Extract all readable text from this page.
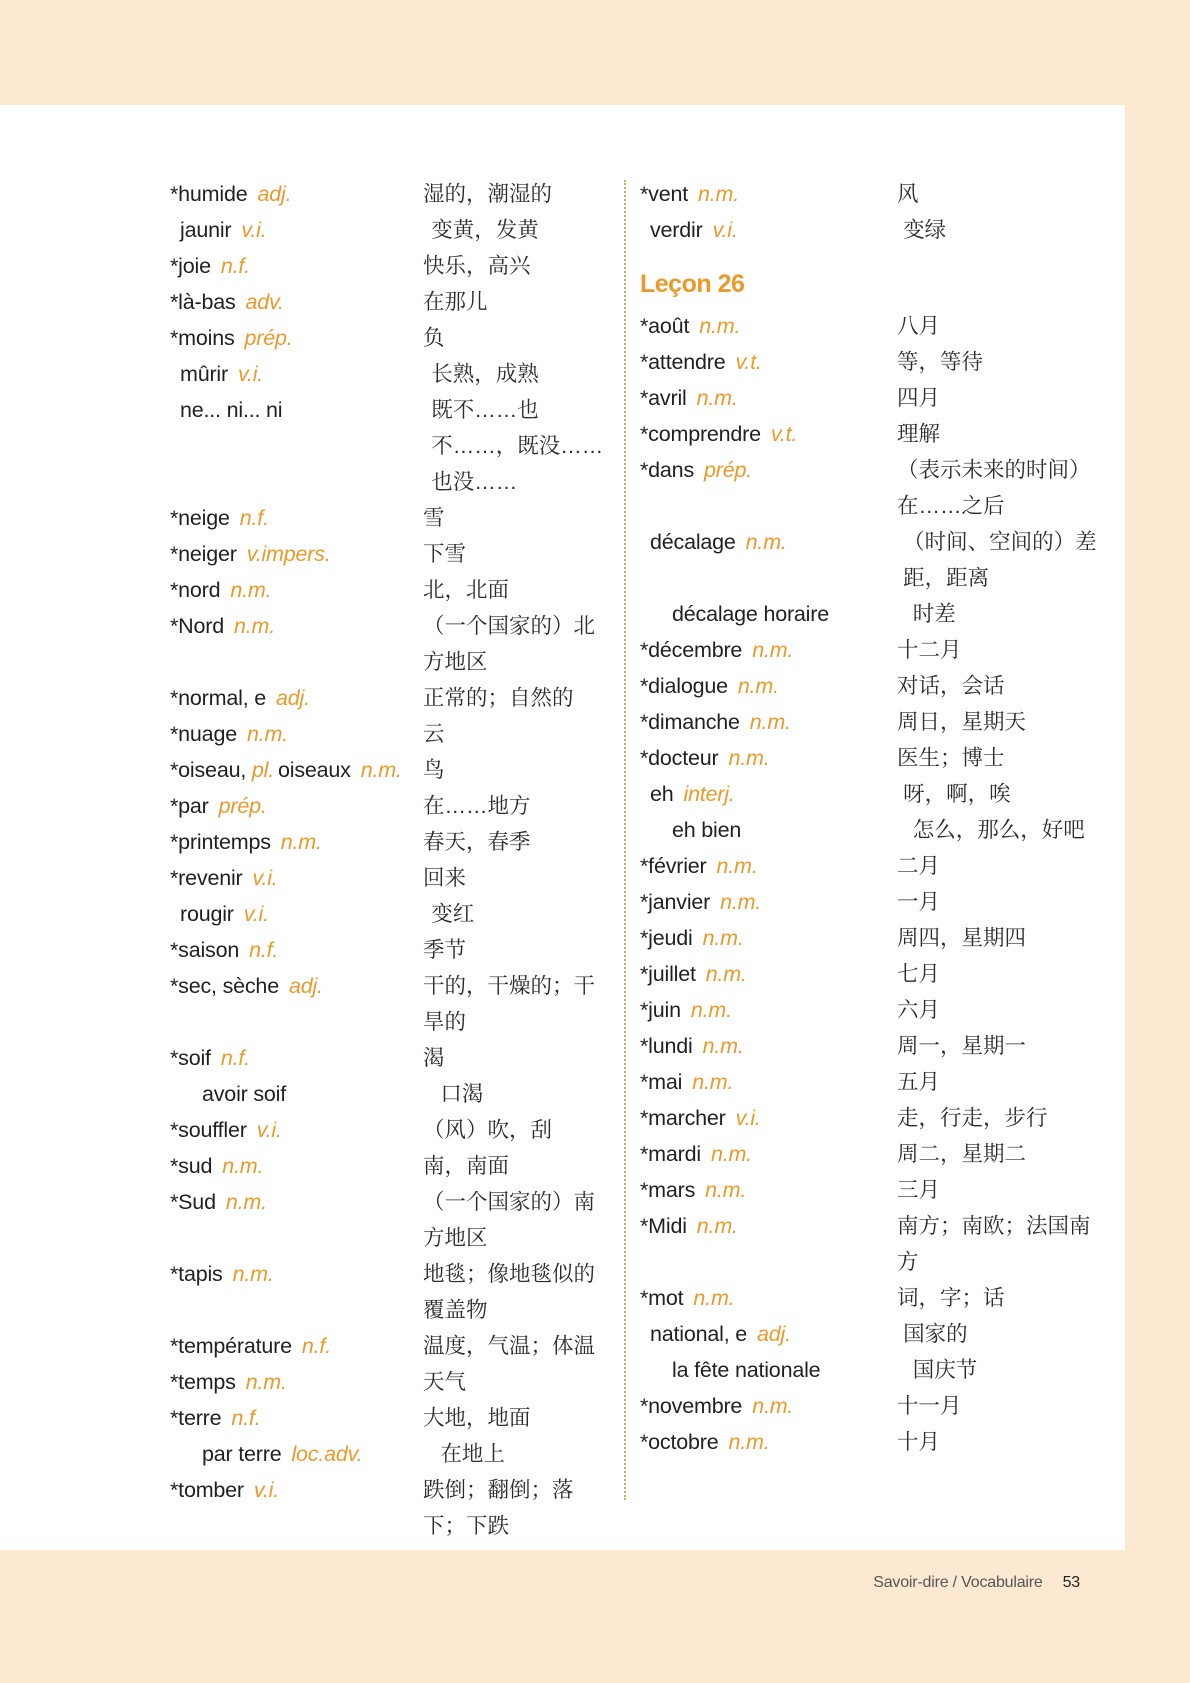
*humide adj.	湿的，潮湿的
jaunir v.i.	变黄，发黄
*joie n.f.	快乐，高兴
*là-bas adv.	在那儿
*moins prép.	负
mûrir v.i.	长熟，成熟
ne... ni... ni	既不……也不……，既没……也没……
*neige n.f.	雪
*neiger v.impers.	下雪
*nord n.m.	北，北面
*Nord n.m.	（一个国家的）北方地区
*normal, e adj.	正常的；自然的
*nuage n.m.	云
*oiseau, pl. oiseaux n.m. 鸟
*par prép.	在……地方
*printemps n.m.	春天，春季
*revenir v.i.	回来
rougir v.i.	变红
*saison n.f.	季节
*sec, sèche adj.	干的，干燥的；干旱的
*soif n.f.	渴
avoir soif	口渴
*souffler v.i.	（风）吹，刮
*sud n.m.	南，南面
*Sud n.m.	（一个国家的）南方地区
*tapis n.m.	地毯；像地毯似的覆盖物
*température n.f.	温度，气温；体温
*temps n.m.	天气
*terre n.f.	大地，地面
par terre loc.adv.	在地上
*tomber v.i.	跌倒；翻倒；落下；下跌
*vent n.m.	风
verdir v.i.	变绿
Leçon 26
*août n.m.	八月
*attendre v.t.	等，等待
*avril n.m.	四月
*comprendre v.t.	理解
*dans prép.	（表示未来的时间）在……之后
décalage n.m.	（时间、空间的）差距，距离
décalage horaire	时差
*décembre n.m.	十二月
*dialogue n.m.	对话，会话
*dimanche n.m.	周日，星期天
*docteur n.m.	医生；博士
eh interj.	呀，啊，唉
eh bien	怎么，那么，好吧
*février n.m.	二月
*janvier n.m.	一月
*jeudi n.m.	周四，星期四
*juillet n.m.	七月
*juin n.m.	六月
*lundi n.m.	周一，星期一
*mai n.m.	五月
*marcher v.i.	走，行走，步行
*mardi n.m.	周二，星期二
*mars n.m.	三月
*Midi n.m.	南方；南欧；法国南方
*mot n.m.	词，字；话
national, e adj.	国家的
la fête nationale	国庆节
*novembre n.m.	十一月
*octobre n.m.	十月
Savoir-dire / Vocabulaire 53
